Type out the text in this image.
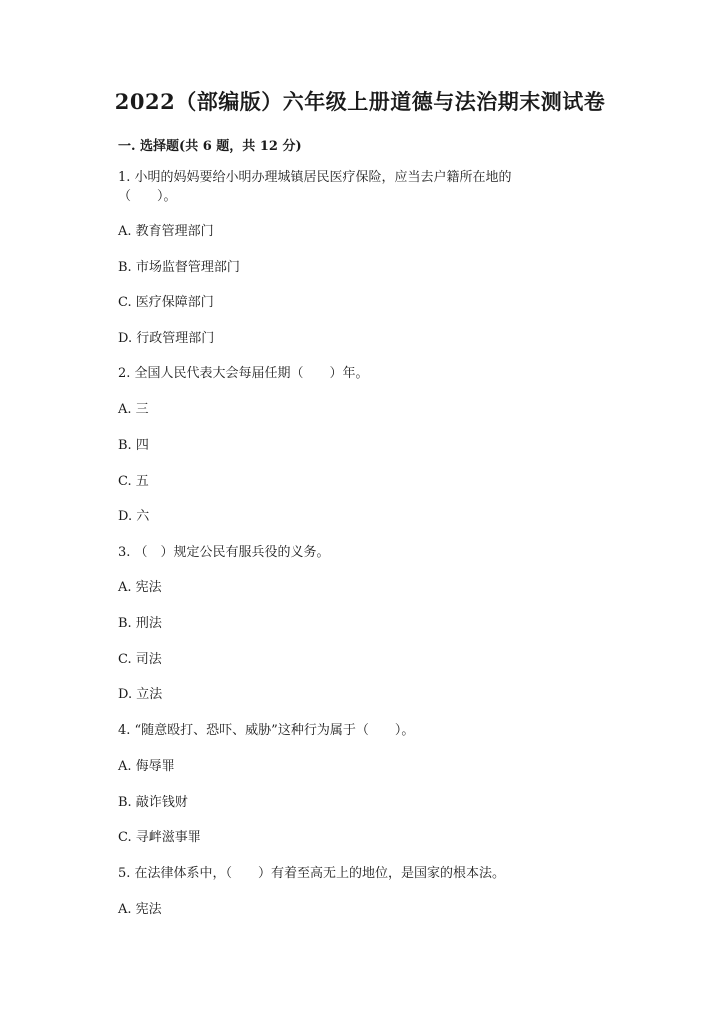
2022（部编版）六年级上册道德与法治期末测试卷
一. 选择题(共 6 题，共 12 分)
1. 小明的妈妈要给小明办理城镇居民医疗保险，应当去户籍所在地的
（　　）。
A. 教育管理部门
B. 市场监督管理部门
C. 医疗保障部门
D. 行政管理部门
2. 全国人民代表大会每届任期（　　）年。
A. 三
B. 四
C. 五
D. 六
3. （　）规定公民有服兵役的义务。
A. 宪法
B. 刑法
C. 司法
D. 立法
4. “随意殴打、恐吓、威胁”这种行为属于（　　）。
A. 侮辱罪
B. 敲诈钱财
C. 寻衅滋事罪
5. 在法律体系中，（　　）有着至高无上的地位，是国家的根本法。
A. 宪法
